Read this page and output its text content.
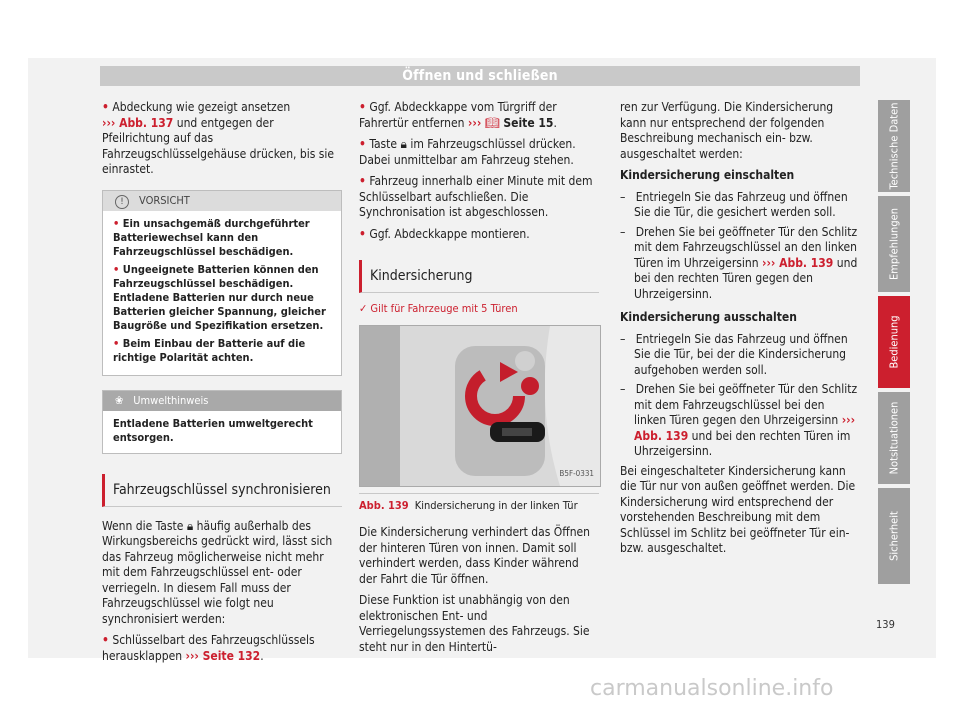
Öffnen und schließen

• Abdeckung wie gezeigt ansetzen
››› Abb. 137 und entgegen der Pfeilrichtung auf das Fahrzeugschlüsselgehäuse drücken, bis sie einrastet.

! VORSICHT

• Ein unsachgemäß durchgeführter Batteriewechsel kann den Fahrzeugschlüssel beschädigen.

• Ungeeignete Batterien können den Fahrzeugschlüssel beschädigen. Entladene Batterien nur durch neue Batterien gleicher Spannung, gleicher Baugröße und Spezifikation ersetzen.

• Beim Einbau der Batterie auf die richtige Polarität achten.

❀ Umwelthinweis
Entladene Batterien umweltgerecht entsorgen.
Fahrzeugschlüssel synchronisieren

Wenn die Taste 🔒︎ häufig außerhalb des Wirkungsbereichs gedrückt wird, lässt sich das Fahrzeug möglicherweise nicht mehr mit dem Fahrzeugschlüssel ent- oder verriegeln. In diesem Fall muss der Fahrzeugschlüssel wie folgt neu synchronisiert werden:

• Schlüsselbart des Fahrzeugschlüssels herausklappen ››› Seite 132.

• Ggf. Abdeckkappe vom Türgriff der Fahrertür entfernen ››› 📖︎ Seite 15.

• Taste 🔒︎ im Fahrzeugschlüssel drücken. Dabei unmittelbar am Fahrzeug stehen.

• Fahrzeug innerhalb einer Minute mit dem Schlüsselbart aufschließen. Die Synchronisation ist abgeschlossen.

• Ggf. Abdeckkappe montieren.

Kindersicherung
✓ Gilt für Fahrzeuge mit 5 Türen
B5F-0331
Abb. 139 Kindersicherung in der linken Tür

Die Kindersicherung verhindert das Öffnen der hinteren Türen von innen. Damit soll verhindert werden, dass Kinder während der Fahrt die Tür öffnen.

Diese Funktion ist unabhängig von den elektronischen Ent- und Verriegelungssystemen des Fahrzeugs. Sie steht nur in den Hintertü-

ren zur Verfügung. Die Kindersicherung kann nur entsprechend der folgenden Beschreibung mechanisch ein- bzw. ausgeschaltet werden:

Kindersicherung einschalten

–   Entriegeln Sie das Fahrzeug und öffnen Sie die Tür, die gesichert werden soll.

–   Drehen Sie bei geöffneter Tür den Schlitz mit dem Fahrzeugschlüssel an den linken Türen im Uhrzeigersinn ››› Abb. 139 und bei den rechten Türen gegen den Uhrzeigersinn.

Kindersicherung ausschalten

–   Entriegeln Sie das Fahrzeug und öffnen Sie die Tür, bei der die Kindersicherung aufgehoben werden soll.

–   Drehen Sie bei geöffneter Tür den Schlitz mit dem Fahrzeugschlüssel bei den linken Türen gegen den Uhrzeigersinn ››› Abb. 139 und bei den rechten Türen im Uhrzeigersinn.

Bei eingeschalteter Kindersicherung kann die Tür nur von außen geöffnet werden. Die Kindersicherung wird entsprechend der vorstehenden Beschreibung mit dem Schlüssel im Schlitz bei geöffneter Tür ein- bzw. ausgeschaltet.

Technische Daten
Empfehlungen
Bedienung
Notsituationen
Sicherheit
139
carmanualsonline.info
